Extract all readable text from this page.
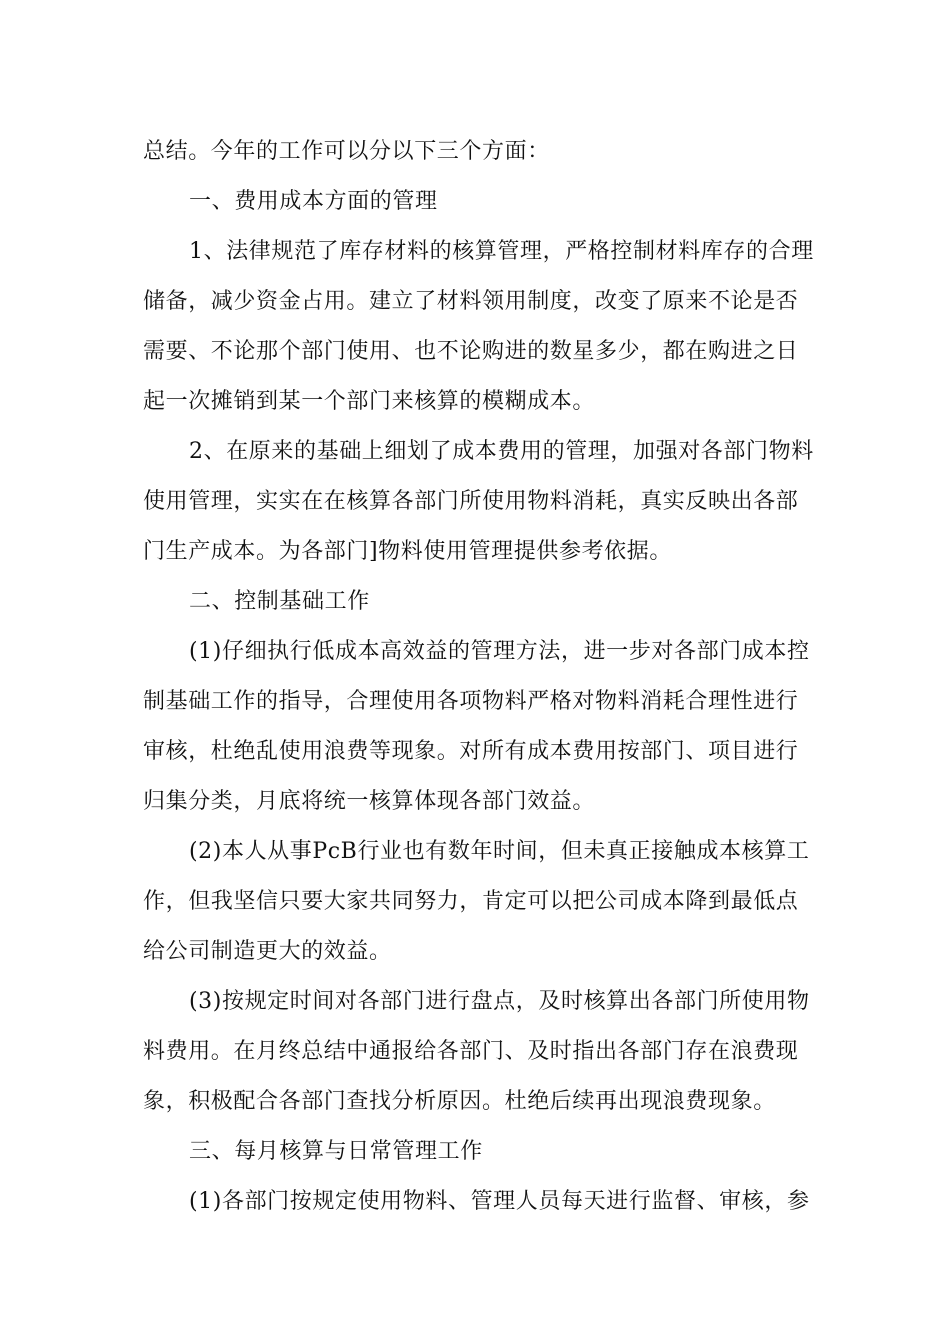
总结。今年的工作可以分以下三个方面：
一、费用成本方面的管理
1、法律规范了库存材料的核算管理，严格控制材料库存的合理
储备，减少资金占用。建立了材料领用制度，改变了原来不论是否
需要、不论那个部门使用、也不论购进的数星多少，都在购进之日
起一次摊销到某一个部门来核算的模糊成本。
2、在原来的基础上细划了成本费用的管理，加强对各部门物料
使用管理，实实在在核算各部门所使用物料消耗，真实反映出各部
门生产成本。为各部门]物料使用管理提供参考依据。
二、控制基础工作
(1)仔细执行低成本高效益的管理方法，进一步对各部门成本控
制基础工作的指导，合理使用各项物料严格对物料消耗合理性进行
审核，杜绝乱使用浪费等现象。对所有成本费用按部门、项目进行
归集分类，月底将统一核算体现各部门效益。
(2)本人从事PcB行业也有数年时间，但未真正接触成本核算工
作，但我坚信只要大家共同努力，肯定可以把公司成本降到最低点
给公司制造更大的效益。
(3)按规定时间对各部门进行盘点，及时核算出各部门所使用物
料费用。在月终总结中通报给各部门、及时指出各部门存在浪费现
象，积极配合各部门查找分析原因。杜绝后续再出现浪费现象。
三、每月核算与日常管理工作
(1)各部门按规定使用物料、管理人员每天进行监督、审核，参
